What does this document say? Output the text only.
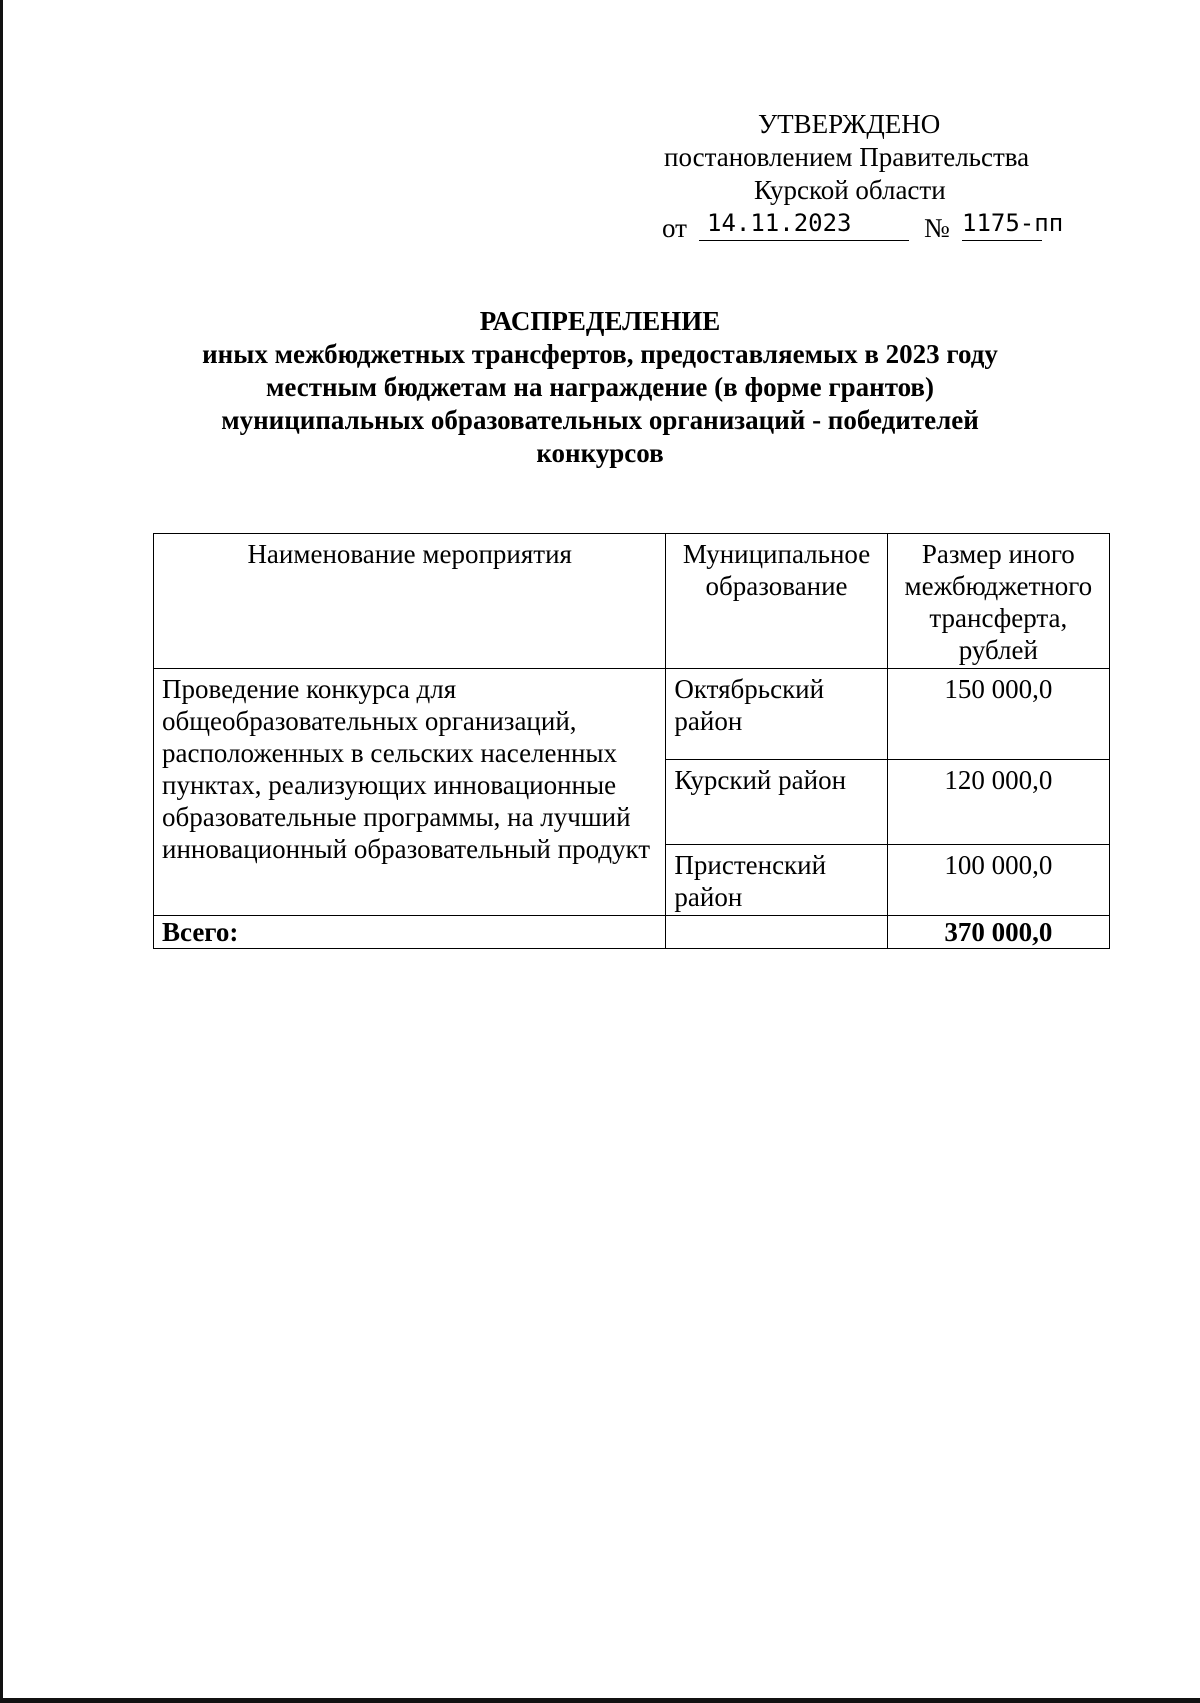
УТВЕРЖДЕНО
постановлением Правительства
Курской области
от 14.11.2023	№ 1175-пп
РАСПРЕДЕЛЕНИЕ
иных межбюджетных трансфертов, предоставляемых в 2023 году
местным бюджетам на награждение (в форме грантов)
муниципальных образовательных организаций - победителей
конкурсов
Наименование мероприятия	Муниципальное образование	Размер иного межбюджетного трансферта, рублей
Проведение конкурса для общеобразовательных организаций, расположенных в сельских населенных пунктах, реализующих инновационные образовательные программы, на лучший инновационный образовательный продукт	Октябрьский район	150 000,0
	Курский район	120 000,0
	Пристенский район	100 000,0
Всего:		370 000,0
